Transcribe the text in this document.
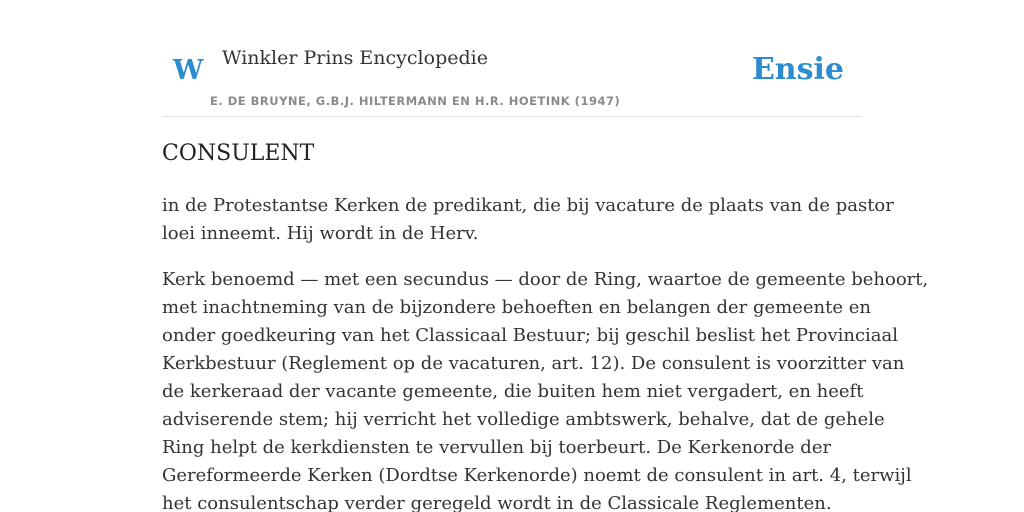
W Winkler Prins Encyclopedie
E. DE BRUYNE, G.B.J. HILTERMANN EN H.R. HOETINK (1947)
Ensie
CONSULENT

in de Protestantse Kerken de predikant, die bij vacature de plaats van de pastor
loei inneemt. Hij wordt in de Herv.

Kerk benoemd — met een secundus — door de Ring, waartoe de gemeente behoort,
met inachtneming van de bijzondere behoeften en belangen der gemeente en
onder goedkeuring van het Classicaal Bestuur; bij geschil beslist het Provinciaal
Kerkbestuur (Reglement op de vacaturen, art. 12). De consulent is voorzitter van
de kerkeraad der vacante gemeente, die buiten hem niet vergadert, en heeft
adviserende stem; hij verricht het volledige ambtswerk, behalve, dat de gehele
Ring helpt de kerkdiensten te vervullen bij toerbeurt. De Kerkenorde der
Gereformeerde Kerken (Dordtse Kerkenorde) noemt de consulent in art. 4, terwijl
het consulentschap verder geregeld wordt in de Classicale Reglementen.
